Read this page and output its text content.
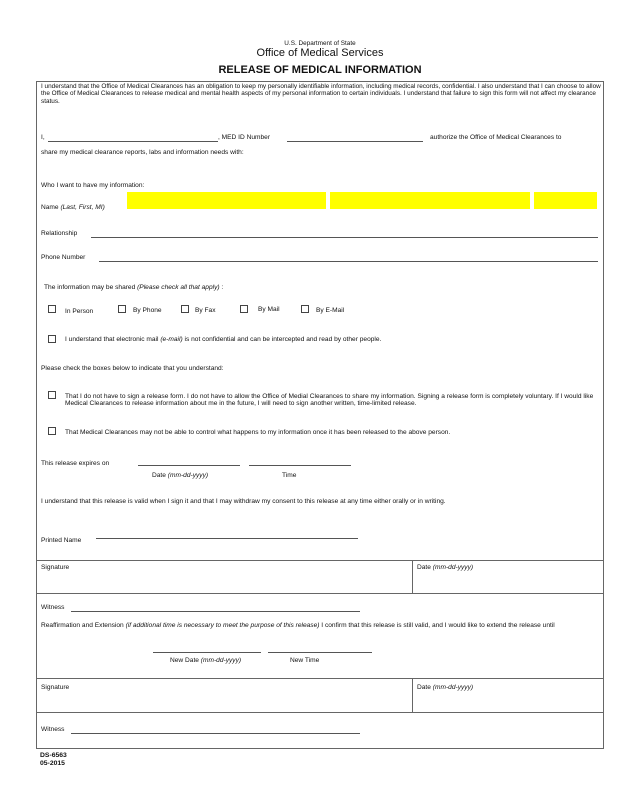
U.S. Department of State
Office of Medical Services
RELEASE OF MEDICAL INFORMATION
I understand that the Office of Medical Clearances has an obligation to keep my personally identifiable information, including medical records, confidential. I also understand that I can choose to allow the Office of Medical Clearances to release medical and mental health aspects of my personal information to certain individuals. I understand that failure to sign this form will not affect my clearance status.
I,	, MED ID Number	authorize the Office of Medical Clearances to
share my medical clearance reports, labs and information needs with:
Who I want to have my information:
Name (Last, First, MI)
Relationship
Phone Number
The information may be shared (Please check all that apply) :
In Person	By Phone	By Fax	By Mail	By E-Mail
I understand that electronic mail (e-mail) is not confidential and can be intercepted and read by other people.
Please check the boxes below to indicate that you understand:
That I do not have to sign a release form. I do not have to allow the Office of Medial Clearances to share my information. Signing a release form is completely voluntary. If I would like Medical Clearances to release information about me in the future, I will need to sign another written, time-limited release.
That Medical Clearances may not be able to control what happens to my information once it has been released to the above person.
This release expires on
Date (mm-dd-yyyy)	Time
I understand that this release is valid when I sign it and that I may withdraw my consent to this release at any time either orally or in writing.
Printed Name
Signature	Date (mm-dd-yyyy)
Witness
Reaffirmation and Extension (if additional time is necessary to meet the purpose of this release) I confirm that this release is still valid, and I would like to extend the release until
New Date (mm-dd-yyyy)	New Time
Signature	Date (mm-dd-yyyy)
Witness
DS-6563
05-2015
